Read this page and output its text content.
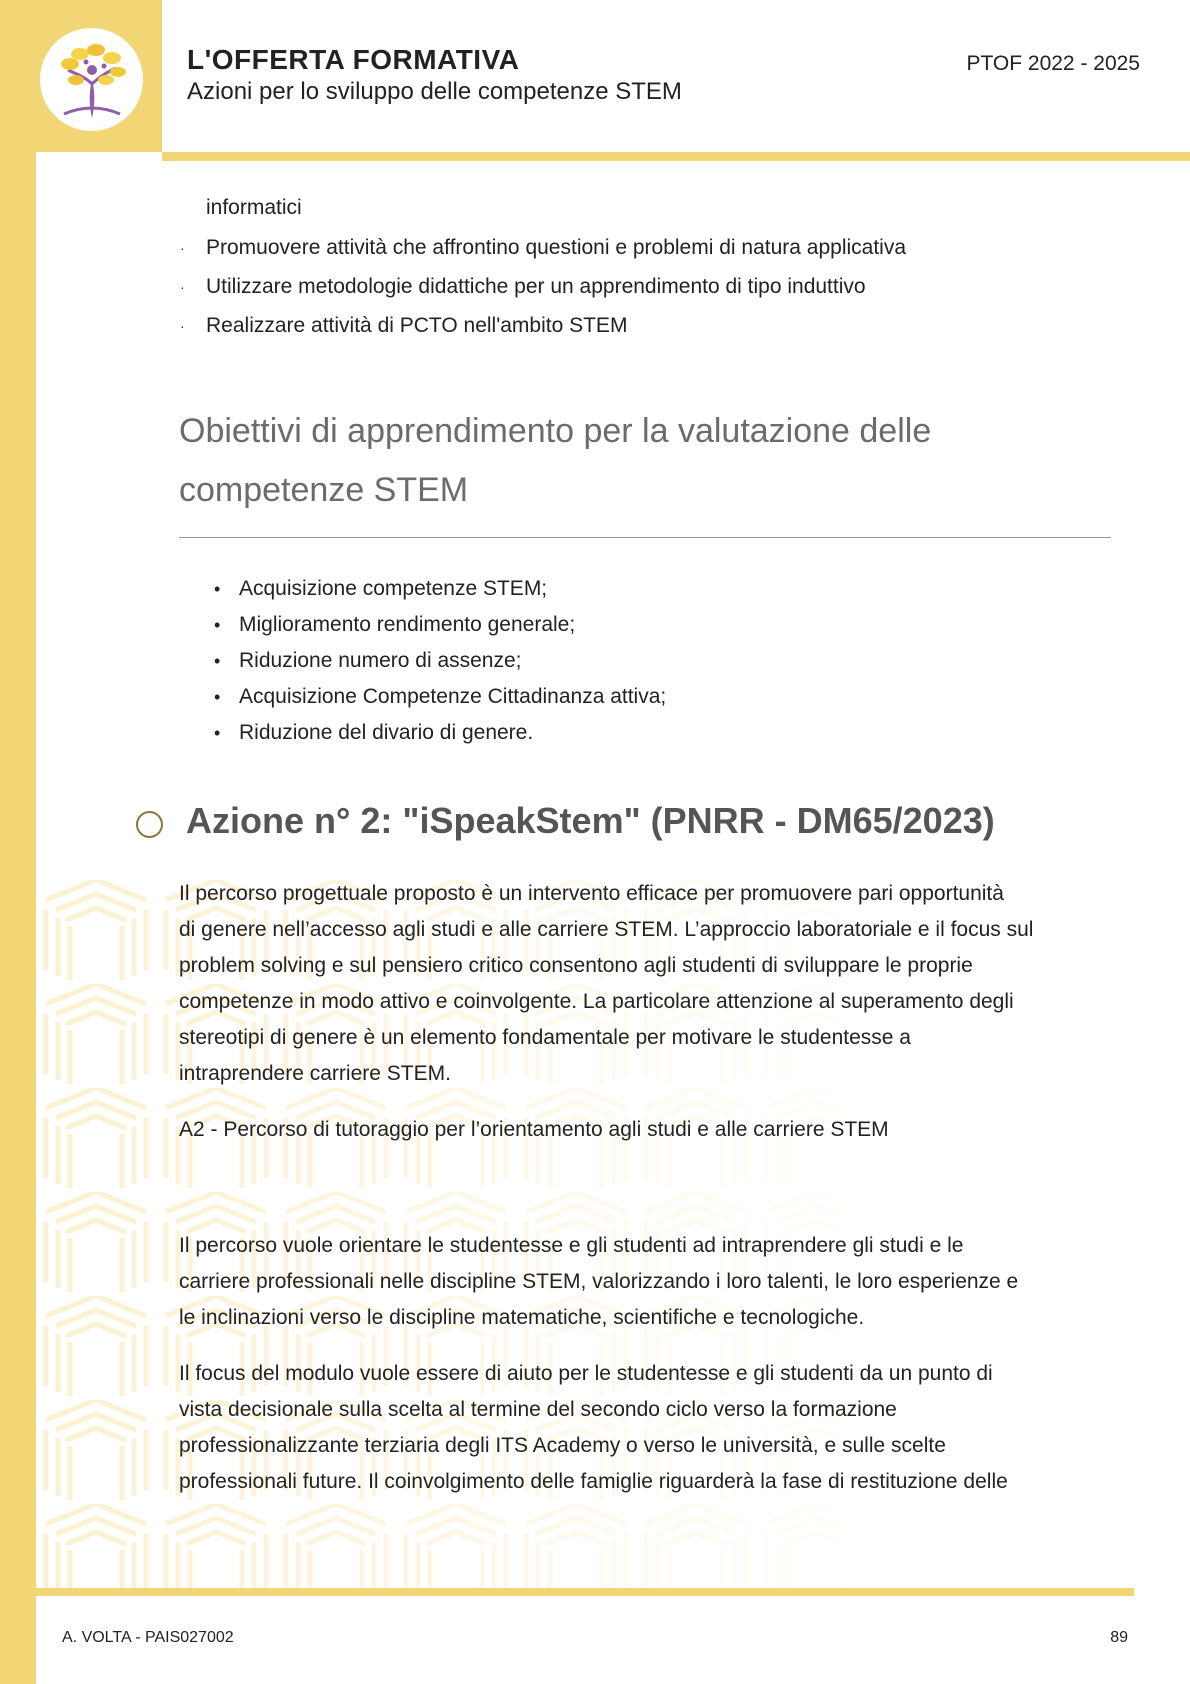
L'OFFERTA FORMATIVA
Azioni per lo sviluppo delle competenze STEM
PTOF 2022 - 2025
informatici
· Promuovere attività che affrontino questioni e problemi di natura applicativa
· Utilizzare metodologie didattiche per un apprendimento di tipo induttivo
· Realizzare attività di PCTO nell'ambito STEM
Obiettivi di apprendimento per la valutazione delle
competenze STEM
• Acquisizione competenze STEM;
• Miglioramento rendimento generale;
• Riduzione numero di assenze;
• Acquisizione Competenze Cittadinanza attiva;
• Riduzione del divario di genere.
Azione n° 2: "iSpeakStem" (PNRR - DM65/2023)
Il percorso progettuale proposto è un intervento efficace per promuovere pari opportunità
di genere nell’accesso agli studi e alle carriere STEM. L’approccio laboratoriale e il focus sul
problem solving e sul pensiero critico consentono agli studenti di sviluppare le proprie
competenze in modo attivo e coinvolgente. La particolare attenzione al superamento degli
stereotipi di genere è un elemento fondamentale per motivare le studentesse a
intraprendere carriere STEM.
A2 - Percorso di tutoraggio per l’orientamento agli studi e alle carriere STEM
Il percorso vuole orientare le studentesse e gli studenti ad intraprendere gli studi e le
carriere professionali nelle discipline STEM, valorizzando i loro talenti, le loro esperienze e
le inclinazioni verso le discipline matematiche, scientifiche e tecnologiche.
Il focus del modulo vuole essere di aiuto per le studentesse e gli studenti da un punto di
vista decisionale sulla scelta al termine del secondo ciclo verso la formazione
professionalizzante terziaria degli ITS Academy o verso le università, e sulle scelte
professionali future. Il coinvolgimento delle famiglie riguarderà la fase di restituzione delle
A. VOLTA - PAIS027002	89
